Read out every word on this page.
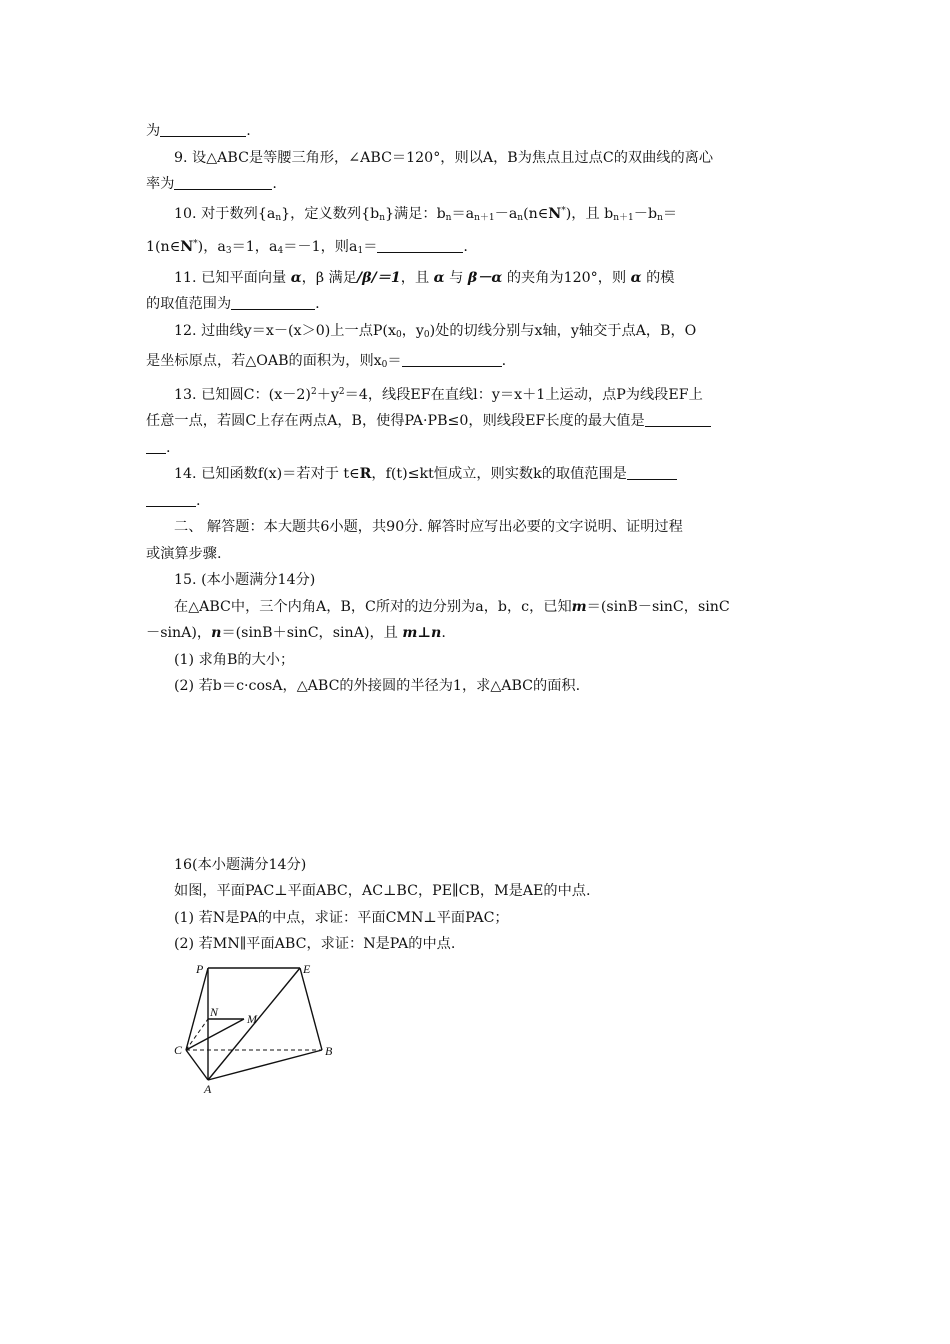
为	.

9. 设△ABC是等腰三角形，∠ABC＝120°，则以A，B为焦点且过点C的双曲线的离心
率为	.

10. 对于数列$\{a_n\}$，定义数列$\{b_n\}$满足：$b_n=a_{n+1}-a_n(n\in N^*)$，且 $b_{n+1}-b_n=$
1(n∈N*)，$a_3=1$，$a_4=-1$，则$a_1=$	.

11. 已知平面向量 α，β 满足/β/＝1，且 α 与 β－α 的夹角为120°，则 α 的模
的取值范围为	.

12. 过曲线y＝x－(x＞0)上一点$P(x_0$，$y_0$)处的切线分别与x轴，y轴交于点A，B，O
是坐标原点，若△OAB的面积为，则$x_0=$	.

13. 已知圆C：$(x-2)^2+y^2=4$，线段EF在直线l：y＝x＋1上运动，点P为线段EF上
任意一点，若圆C上存在两点A，B，使得PA·PB≤0，则线段EF长度的最大值是
.

14. 已知函数f(x)＝若对于 t∈R，f(t)≤kt恒成立，则实数k的取值范围是
.

二、 解答题：本大题共6小题，共90分. 解答时应写出必要的文字说明、证明过程
或演算步骤.

15. (本小题满分14分)

在△ABC中，三个内角A，B，C所对的边分别为a，b，c，已知m＝(sinB－sinC，sinC
－sinA)，n＝(sinB＋sinC，sinA)，且 m⊥n.

(1) 求角B的大小；

(2) 若b＝c·cosA，△ABC的外接圆的半径为1，求△ABC的面积.

16(本小题满分14分)

如图，平面PAC⊥平面ABC，AC⊥BC，PE∥CB，M是AE的中点.

(1) 若N是PA的中点，求证：平面CMN⊥平面PAC；

(2) 若MN∥平面ABC，求证：N是PA的中点.

P	E
N M
C	B
A
